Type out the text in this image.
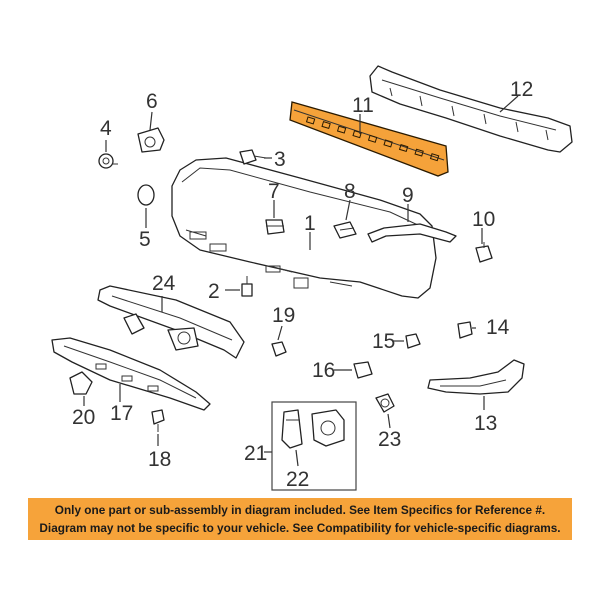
11
12
6
4
5
3
7	8 9
10
1
2
24
19
15
14
16
17
20
18
13
23
22
21
Only one part or sub-assembly in diagram included. See Item Specifics for Reference #.
Diagram may not be specific to your vehicle. See Compatibility for vehicle-specific diagrams.
